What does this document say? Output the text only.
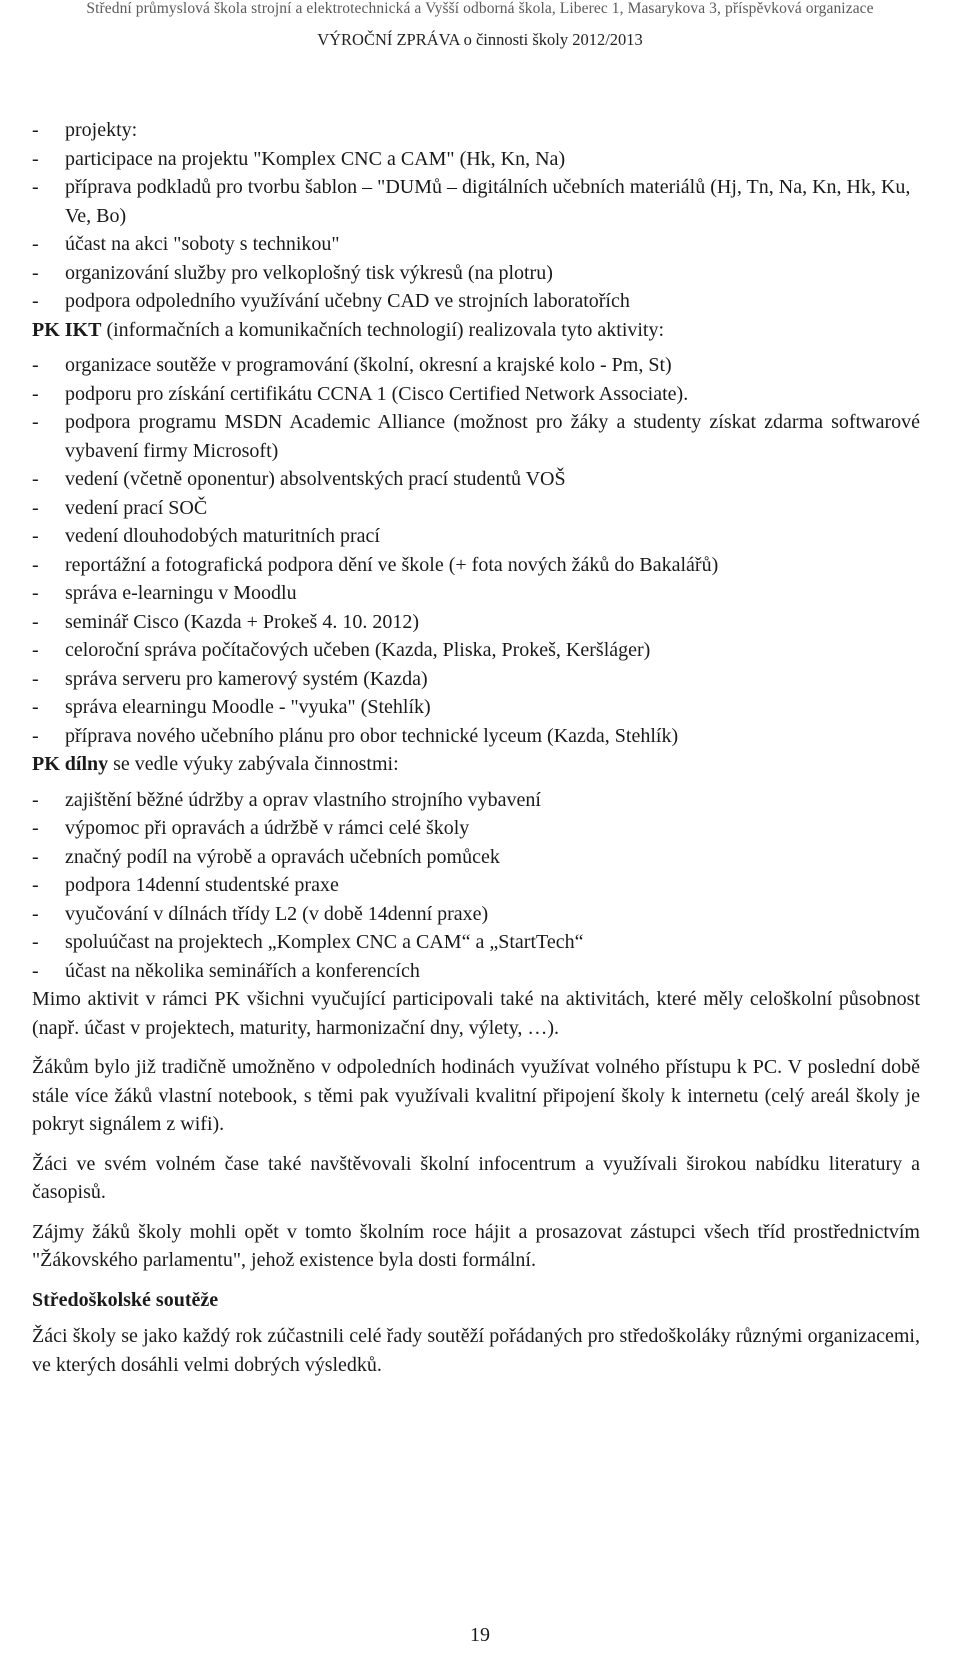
Střední průmyslová škola strojní a elektrotechnická a Vyšší odborná škola, Liberec 1, Masarykova 3, příspěvková organizace
VÝROČNÍ ZPRÁVA o činnosti školy 2012/2013
- projekty:
- participace na projektu "Komplex CNC a CAM" (Hk, Kn, Na)
- příprava podkladů pro tvorbu šablon – "DUMů – digitálních učebních materiálů (Hj, Tn, Na, Kn, Hk, Ku, Ve, Bo)
- účast na akci "soboty s technikou"
- organizování služby pro velkoplošný tisk výkresů (na plotru)
- podpora odpoledního využívání učebny CAD ve strojních laboratořích

PK IKT (informačních a komunikačních technologií) realizovala tyto aktivity:

- organizace soutěže v programování (školní, okresní a krajské kolo - Pm, St)
- podporu pro získání certifikátu CCNA 1 (Cisco Certified Network Associate).
- podpora programu MSDN Academic Alliance (možnost pro žáky a studenty získat zdarma softwarové vybavení firmy Microsoft)
- vedení (včetně oponentur) absolventských prací studentů VOŠ
- vedení prací SOČ
- vedení dlouhodobých maturitních prací
- reportážní a fotografická podpora dění ve škole (+ fota nových žáků do Bakalářů)
- správa e-learningu v Moodlu
- seminář Cisco (Kazda + Prokeš 4. 10. 2012)
- celoroční správa počítačových učeben (Kazda, Pliska, Prokeš, Keršláger)
- správa serveru pro kamerový systém (Kazda)
- správa elearningu Moodle - "vyuka" (Stehlík)
- příprava nového učebního plánu pro obor technické lyceum (Kazda, Stehlík)

PK dílny se vedle výuky zabývala činnostmi:

- zajištění běžné údržby a oprav vlastního strojního vybavení
- výpomoc při opravách a údržbě v rámci celé školy
- značný podíl na výrobě a opravách učebních pomůcek
- podpora 14denní studentské praxe
- vyučování v dílnách třídy L2 (v době 14denní praxe)
- spoluúčast na projektech „Komplex CNC a CAM“ a „StartTech“
- účast na několika seminářích a konferencích

Mimo aktivit v rámci PK všichni vyučující participovali také na aktivitách, které měly celoškolní působnost (např. účast v projektech, maturity, harmonizační dny, výlety, …).

Žákům bylo již tradičně umožněno v odpoledních hodinách využívat volného přístupu k PC. V poslední době stále více žáků vlastní notebook, s těmi pak využívali kvalitní připojení školy k internetu (celý areál školy je pokryt signálem z wifi).

Žáci ve svém volném čase také navštěvovali školní infocentrum a využívali širokou nabídku literatury a časopisů.

Zájmy žáků školy mohli opět v tomto školním roce hájit a prosazovat zástupci všech tříd prostřednictvím "Žákovského parlamentu", jehož existence byla dosti formální.

Středoškolské soutěže

Žáci školy se jako každý rok zúčastnili celé řady soutěží pořádaných pro středoškoláky různými organizacemi, ve kterých dosáhli velmi dobrých výsledků.

19
